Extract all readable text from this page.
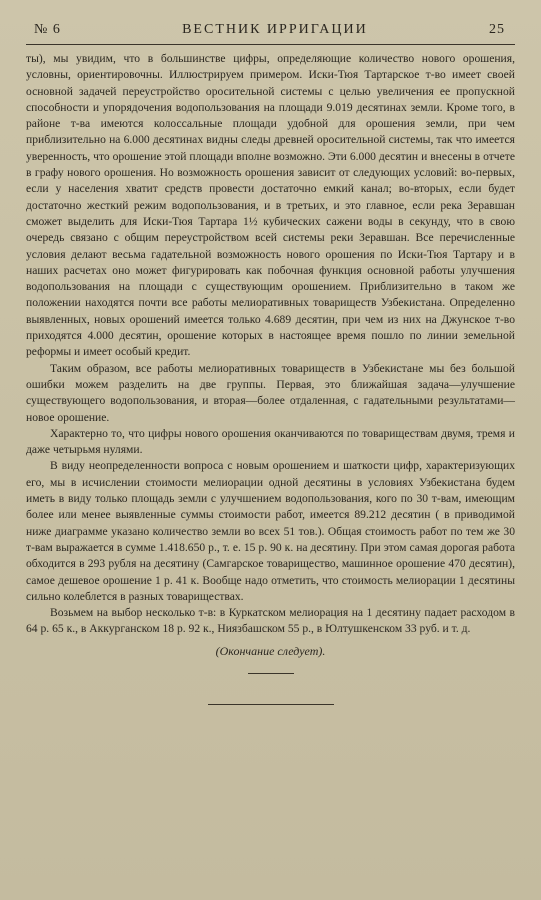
№ 6	ВЕСТНИК ИРРИГАЦИИ	25

ты), мы увидим, что в большинстве цифры, определяющие количество нового орошения, условны, ориентировочны. Иллюстрируем примером. Иски-Тюя Тартарское т-во имеет своей основной задачей переустройство оросительной системы с целью увеличения ее пропускной способности и упорядочения водопользования на площади 9.019 десятинах земли. Кроме того, в районе т-ва имеются колоссальные площади удобной для орошения земли, при чем приблизительно на 6.000 десятинах видны следы древней оросительной системы, так что имеется уверенность, что орошение этой площади вполне возможно. Эти 6.000 десятин и внесены в отчете в графу нового орошения. Но возможность орошения зависит от следующих условий: во-первых, если у населения хватит средств провести достаточно емкий канал; во-вторых, если будет достаточно жесткий режим водопользования, и в третьих, и это главное, если река Зеравшан сможет выделить для Иски-Тюя Тартара 1½ кубических сажени воды в секунду, что в свою очередь связано с общим переустройством всей системы реки Зеравшан. Все перечисленные условия делают весьма гадательной возможность нового орошения по Иски-Тюя Тартару и в наших расчетах оно может фигурировать как побочная функция основной работы улучшения водопользования на площади с существующим орошением. Приблизительно в таком же положении находятся почти все работы мелиоративных товариществ Узбекистана. Определенно выявленных, новых орошений имеется только 4.689 десятин, при чем из них на Джунское т-во приходятся 4.000 десятин, орошение которых в настоящее время пошло по линии земельной реформы и имеет особый кредит.

Таким образом, все работы мелиоративных товариществ в Узбекистане мы без большой ошибки можем разделить на две группы. Первая, это ближайшая задача—улучшение существующего водопользования, и вторая—более отдаленная, с гадательными результатами—новое орошение.

Характерно то, что цифры нового орошения оканчиваются по товариществам двумя, тремя и даже четырьмя нулями.

В виду неопределенности вопроса с новым орошением и шаткости цифр, характеризующих его, мы в исчислении стоимости мелиорации одной десятины в условиях Узбекистана будем иметь в виду только площадь земли с улучшением водопользования, кого по 30 т-вам, имеющим более или менее выявленные суммы стоимости работ, имеется 89.212 десятин ( в приводимой ниже диаграмме указано количество земли во всех 51 тов.). Общая стоимость работ по тем же 30 т-вам выражается в сумме 1.418.650 р., т. е. 15 р. 90 к. на десятину. При этом самая дорогая работа обходится в 293 рубля на десятину (Самгарское товарищество, машинное орошение 470 десятин), самое дешевое орошение 1 р. 41 к. Вообще надо отметить, что стоимость мелиорации 1 десятины сильно колеблется в разных товариществах.

Возьмем на выбор несколько т-в: в Куркатском мелиорация на 1 десятину падает расходом в 64 р. 65 к., в Аккурганском 18 р. 92 к., Ниязбашском 55 р., в Юлтушкенском 33 руб. и т. д.

(Окончание следует).
